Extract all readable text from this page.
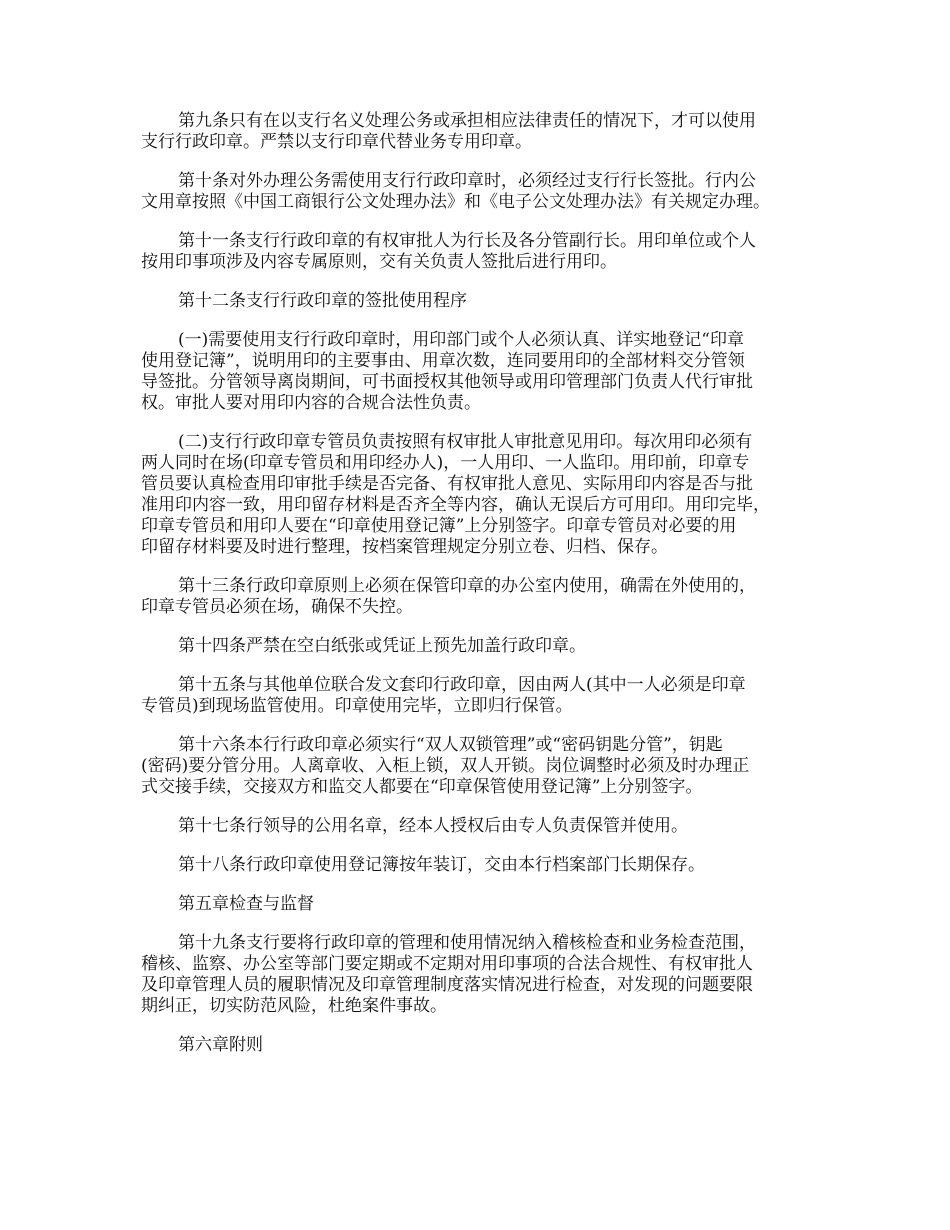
第九条只有在以支行名义处理公务或承担相应法律责任的情况下，才可以使用
支行行政印章。严禁以支行印章代替业务专用印章。

第十条对外办理公务需使用支行行政印章时，必须经过支行行长签批。行内公
文用章按照《中国工商银行公文处理办法》和《电子公文处理办法》有关规定办理。

第十一条支行行政印章的有权审批人为行长及各分管副行长。用印单位或个人
按用印事项涉及内容专属原则，交有关负责人签批后进行用印。

第十二条支行行政印章的签批使用程序

(一)需要使用支行行政印章时，用印部门或个人必须认真、详实地登记“印章
使用登记簿”，说明用印的主要事由、用章次数，连同要用印的全部材料交分管领
导签批。分管领导离岗期间，可书面授权其他领导或用印管理部门负责人代行审批
权。审批人要对用印内容的合规合法性负责。

(二)支行行政印章专管员负责按照有权审批人审批意见用印。每次用印必须有
两人同时在场(印章专管员和用印经办人)，一人用印、一人监印。用印前，印章专
管员要认真检查用印审批手续是否完备、有权审批人意见、实际用印内容是否与批
准用印内容一致，用印留存材料是否齐全等内容，确认无误后方可用印。用印完毕，
印章专管员和用印人要在“印章使用登记簿”上分别签字。印章专管员对必要的用
印留存材料要及时进行整理，按档案管理规定分别立卷、归档、保存。

第十三条行政印章原则上必须在保管印章的办公室内使用，确需在外使用的，
印章专管员必须在场，确保不失控。

第十四条严禁在空白纸张或凭证上预先加盖行政印章。

第十五条与其他单位联合发文套印行政印章，因由两人(其中一人必须是印章
专管员)到现场监管使用。印章使用完毕，立即归行保管。

第十六条本行行政印章必须实行“双人双锁管理”或“密码钥匙分管”，钥匙
(密码)要分管分用。人离章收、入柜上锁，双人开锁。岗位调整时必须及时办理正
式交接手续，交接双方和监交人都要在“印章保管使用登记簿”上分别签字。

第十七条行领导的公用名章，经本人授权后由专人负责保管并使用。

第十八条行政印章使用登记簿按年装订，交由本行档案部门长期保存。

第五章检查与监督

第十九条支行要将行政印章的管理和使用情况纳入稽核检查和业务检查范围，
稽核、监察、办公室等部门要定期或不定期对用印事项的合法合规性、有权审批人
及印章管理人员的履职情况及印章管理制度落实情况进行检查，对发现的问题要限
期纠正，切实防范风险，杜绝案件事故。

第六章附则
